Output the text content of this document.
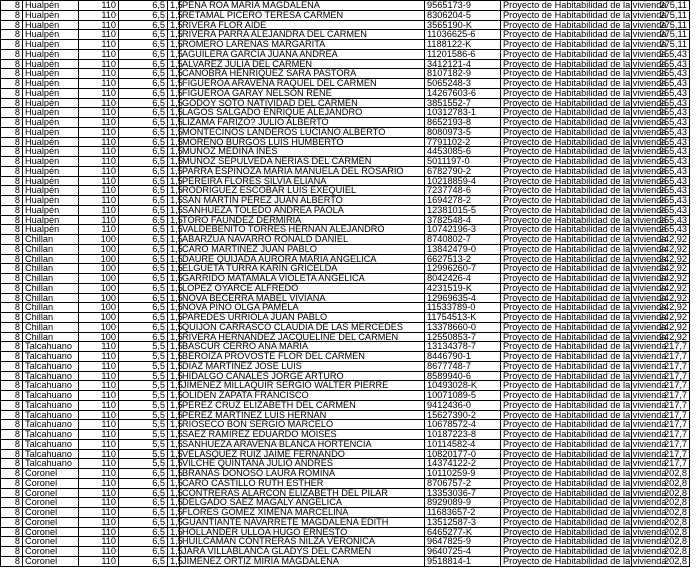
8	Hualpén	110	6,5	1,5	PEÑA ROA MARIA MAGDALENA	9565173-9	Proyecto de Habitabilidad de la vivienda	275,11
8	Hualpén	110	6,5	1,5	RETAMAL PICERO TERESA CARMEN	8306204-5	Proyecto de Habitabilidad de la vivienda	275,11
8	Hualpén	110	6,5	1,5	RIVERA FLOR AIDE	3565190-K	Proyecto de Habitabilidad de la vivienda	275,11
8	Hualpén	110	6,5	1,5	RIVERA PARRA ALEJANDRA DEL CARMEN	11036625-6	Proyecto de Habitabilidad de la vivienda	275,11
8	Hualpén	110	6,5	1,5	ROMERO LARENAS MARGARITA	1188122-K	Proyecto de Habitabilidad de la vivienda	275,11
8	Hualpén	110	6,5	1,5	AGUILERA GARCIA JUANA ANDREA	11201586-6	Proyecto de Habitabilidad de la vivienda	255,43
8	Hualpén	110	6,5	1,5	ALVAREZ JULIA DEL CARMEN	3412121-4	Proyecto de Habitabilidad de la vivienda	255,43
8	Hualpén	110	6,5	1,5	CANOBRA HENRIQUEZ SARA PASTORA	8107182-9	Proyecto de Habitabilidad de la vivienda	255,43
8	Hualpén	110	6,5	1,5	FIGUEROA ARAVENA RAQUEL DEL CARMEN	5065248-3	Proyecto de Habitabilidad de la vivienda	255,43
8	Hualpén	110	6,5	1,5	FIGUEROA GARAY NELSON RENE	14267603-6	Proyecto de Habitabilidad de la vivienda	255,43
8	Hualpén	110	6,5	1,5	GODOY SOTO NATIVIDAD DEL CARMEN	3851552-7	Proyecto de Habitabilidad de la vivienda	255,43
8	Hualpén	110	6,5	1,5	LAGOS SALGADO ENRIQUE ALEJANDRO	10312783-1	Proyecto de Habitabilidad de la vivienda	255,43
8	Hualpén	110	6,5	1,5	LIZAMA FARIZO? JULIO ALBERTO	8652193-8	Proyecto de Habitabilidad de la vivienda	255,43
8	Hualpén	110	6,5	1,5	MONTECINOS LANDEROS LUCIANO ALBERTO	8080973-5	Proyecto de Habitabilidad de la vivienda	255,43
8	Hualpén	110	6,5	1,5	MORENO BURGOS LUIS HUMBERTO	7791102-2	Proyecto de Habitabilidad de la vivienda	255,43
8	Hualpén	110	6,5	1,5	MUÑOZ MEDINA INES	4453085-6	Proyecto de Habitabilidad de la vivienda	255,43
8	Hualpén	110	6,5	1,5	MUÑOZ SEPULVEDA NERIAS DEL CARMEN	5011197-0	Proyecto de Habitabilidad de la vivienda	255,43
8	Hualpén	110	6,5	1,5	PARRA ESPINOZA MARIA MANUELA DEL ROSARIO	6782790-2	Proyecto de Habitabilidad de la vivienda	255,43
8	Hualpén	110	6,5	1,5	PEREIRA FLORES SILVIA ELIANA	10218859-4	Proyecto de Habitabilidad de la vivienda	255,43
8	Hualpén	110	6,5	1,5	RODRIGUEZ ESCOBAR LUIS EXEQUIEL	7237748-6	Proyecto de Habitabilidad de la vivienda	255,43
8	Hualpén	110	6,5	1,5	SAN MARTIN PEREZ JUAN ALBERTO	1694278-2	Proyecto de Habitabilidad de la vivienda	255,43
8	Hualpén	110	6,5	1,5	SANHUEZA TOLEDO ANDREA PAOLA	12381015-5	Proyecto de Habitabilidad de la vivienda	255,43
8	Hualpén	110	6,5	1,5	TORO FAUNDEZ DERMIRIA	3782548-4	Proyecto de Habitabilidad de la vivienda	255,43
8	Hualpén	110	6,5	1,5	VALDEBENITO TORRES HERNAN ALEJANDRO	10742196-3	Proyecto de Habitabilidad de la vivienda	255,43
8	Chillan	100	6,5	1,5	ABARZUA NAVARRO RONALD DANIEL	8740802-7	Proyecto de Habitabilidad de la vivienda	242,92
8	Chillan	100	6,5	1,5	CARO MARTINEZ JUAN PABLO	13842479-0	Proyecto de Habitabilidad de la vivienda	242,92
8	Chillan	100	6,5	1,5	DAURE QUIJADA AURORA MARIA ANGELICA	6627513-2	Proyecto de Habitabilidad de la vivienda	242,92
8	Chillan	100	6,5	1,5	ELGUETA TURRA KARIN GRICELDA	12996260-7	Proyecto de Habitabilidad de la vivienda	242,92
8	Chillan	100	6,5	1,5	GARRIDO MATAMALA VIOLETA ANGELICA	8042426-4	Proyecto de Habitabilidad de la vivienda	242,92
8	Chillan	100	6,5	1,5	LOPEZ OYARCE ALFREDO	4231519-K	Proyecto de Habitabilidad de la vivienda	242,92
8	Chillan	100	6,5	1,5	NOVA BECERRA MABEL VIVIANA	12969635-4	Proyecto de Habitabilidad de la vivienda	242,92
8	Chillan	100	6,5	1,5	NOVA PINO OLGA PAMELA	11533789-0	Proyecto de Habitabilidad de la vivienda	242,92
8	Chillan	100	6,5	1,5	PAREDES URRIOLA JUAN PABLO	11754513-K	Proyecto de Habitabilidad de la vivienda	242,92
8	Chillan	100	6,5	1,5	QUIJON CARRASCO CLAUDIA DE LAS MERCEDES	13378660-0	Proyecto de Habitabilidad de la vivienda	242,92
8	Chillan	100	6,5	1,5	RIVERA HERNANDEZ JACQUELINE DEL CARMEN	12550853-7	Proyecto de Habitabilidad de la vivienda	242,92
8	Talcahuano	110	5,5	1,5	BASCUR CERRO ANA MARIA	13134378-7	Proyecto de Habitabilidad de la vivienda	217,7
8	Talcahuano	110	5,5	1,5	BEROIZA PROVOSTE FLOR DEL CARMEN	8446790-1	Proyecto de Habitabilidad de la vivienda	217,7
8	Talcahuano	110	5,5	1,5	DIAZ MARTINEZ JOSE LUIS	8677748-7	Proyecto de Habitabilidad de la vivienda	217,7
8	Talcahuano	110	5,5	1,5	HIDALGO CANALES JORGE ARTURO	8589940-6	Proyecto de Habitabilidad de la vivienda	217,7
8	Talcahuano	110	5,5	1,5	JIMENEZ MILLAQUIR SERGIO WALTER PIERRE	10493028-K	Proyecto de Habitabilidad de la vivienda	217,7
8	Talcahuano	110	5,5	1,5	OLIDEN ZAPATA FRANCISCO	10071089-5	Proyecto de Habitabilidad de la vivienda	217,7
8	Talcahuano	110	5,5	1,5	PEREZ CRUZ ELIZABETH DEL CARMEN	9412436-0	Proyecto de Habitabilidad de la vivienda	217,7
8	Talcahuano	110	5,5	1,5	PEREZ MARTINEZ LUIS HERNAN	15627390-2	Proyecto de Habitabilidad de la vivienda	217,7
8	Talcahuano	110	5,5	1,5	RIOSECO BON SERGIO MARCELO	10678572-4	Proyecto de Habitabilidad de la vivienda	217,7
8	Talcahuano	110	5,5	1,5	SAEZ RAMIREZ EDUARDO MOISES	10187223-8	Proyecto de Habitabilidad de la vivienda	217,7
8	Talcahuano	110	5,5	1,5	SANHUEZA ARAVENA BLANCA HORTENCIA	10114582-4	Proyecto de Habitabilidad de la vivienda	217,7
8	Talcahuano	110	5,5	1,5	VELASQUEZ RUIZ JAIME FERNANDO	10820177-0	Proyecto de Habitabilidad de la vivienda	217,7
8	Talcahuano	110	5,5	1,5	VILCHE QUINTANA JULIO ANDRES	14374122-2	Proyecto de Habitabilidad de la vivienda	217,7
8	Coronel	110	6,5	1,5	BRAÑAS DONOSO LAURA ROMINA	10110259-9	Proyecto de Habitabilidad de la vivienda	202,8
8	Coronel	110	6,5	1,5	CARO CASTILLO RUTH ESTHER	8706757-2	Proyecto de Habitabilidad de la vivienda	202,8
8	Coronel	110	6,5	1,5	CONTRERAS ALARCON ELIZABETH DEL PILAR	13353036-7	Proyecto de Habitabilidad de la vivienda	202,8
8	Coronel	110	6,5	1,5	DELGADO SAEZ MAGALY ANGELICA	8929089-9	Proyecto de Habitabilidad de la vivienda	202,8
8	Coronel	110	6,5	1,5	FLORES GOMEZ XIMENA MARCELINA	11683657-2	Proyecto de Habitabilidad de la vivienda	202,8
8	Coronel	110	6,5	1,5	GUANTIANTE NAVARRETE MAGDALENA EDITH	13512587-3	Proyecto de Habitabilidad de la vivienda	202,8
8	Coronel	110	6,5	1,5	HOLLANDER ULLOA HUGO ERNESTO	6465277-K	Proyecto de Habitabilidad de la vivienda	202,8
8	Coronel	110	6,5	1,5	HUILCAMAN CONTRERAS NILZA VERONICA	9647825-9	Proyecto de Habitabilidad de la vivienda	202,8
8	Coronel	110	6,5	1,5	JARA VILLABLANCA GLADYS DEL CARMEN	9640725-4	Proyecto de Habitabilidad de la vivienda	202,8
8	Coronel	110	6,5	1,5	JIMENEZ ORTIZ MIRIA MAGDALENA	9518814-1	Proyecto de Habitabilidad de la vivienda	202,8
